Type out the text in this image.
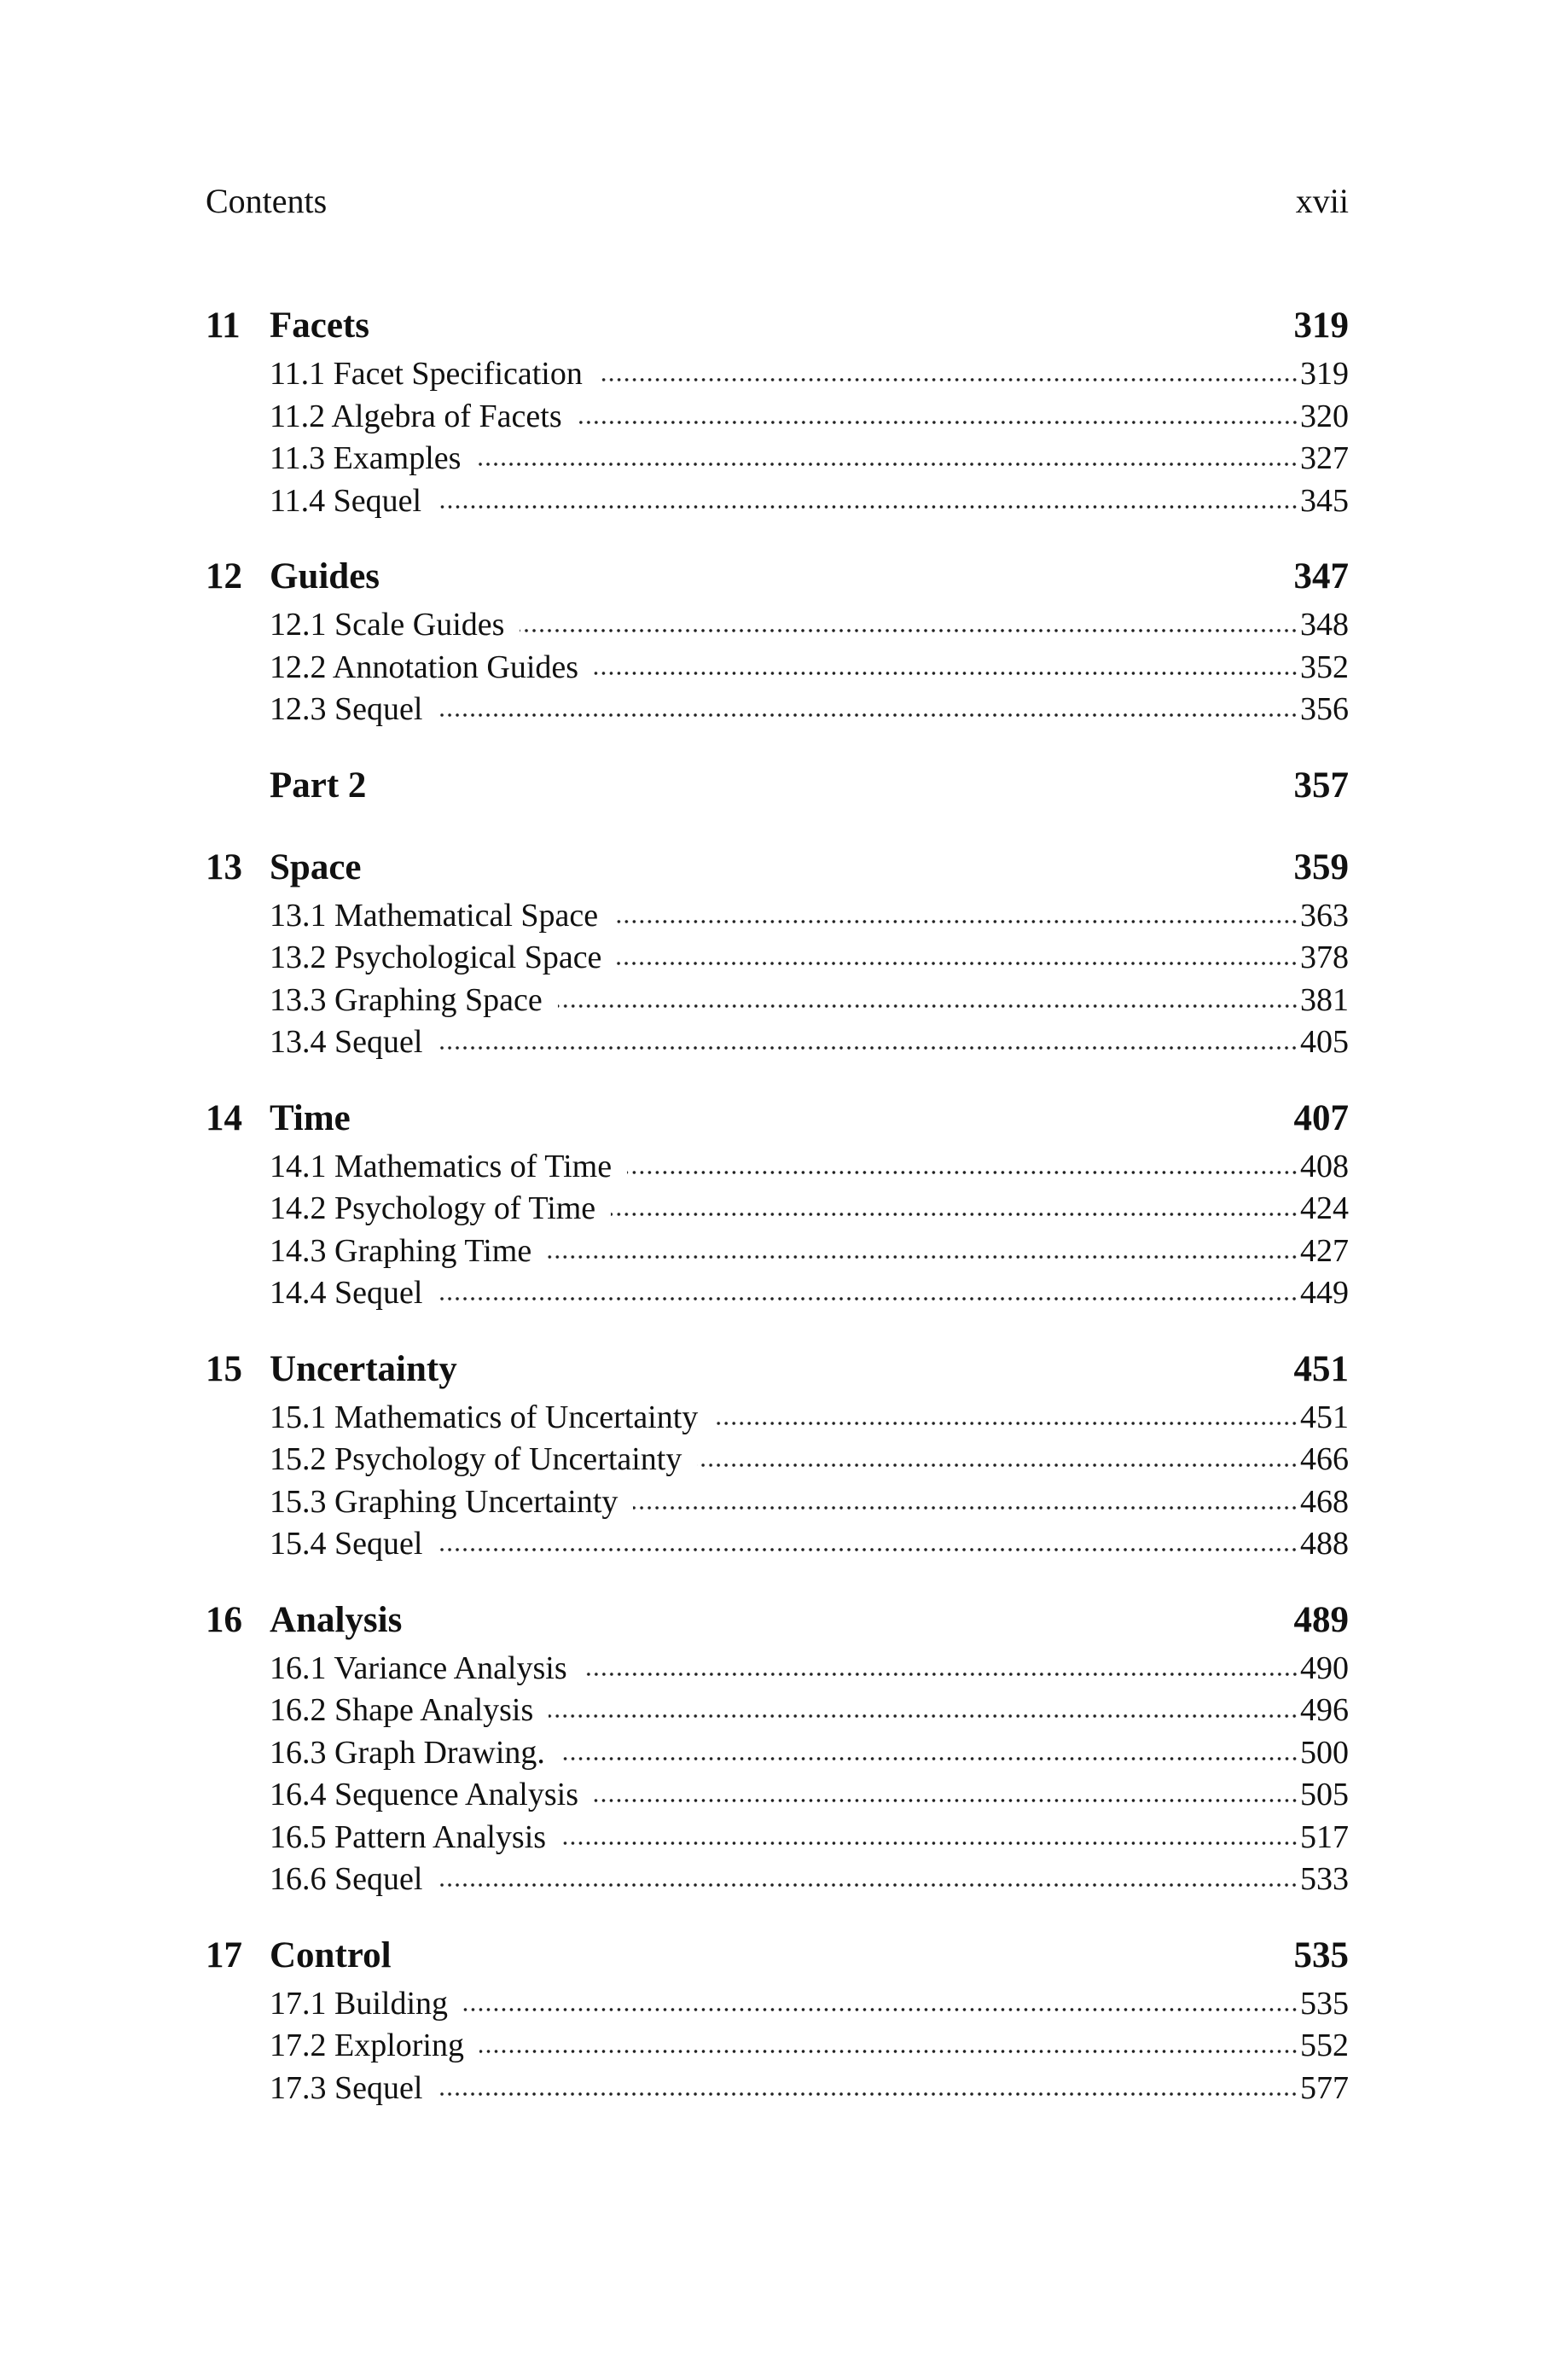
Contents	xvii
11 Facets	319
11.1 Facet Specification	319
11.2 Algebra of Facets	320
11.3 Examples	327
11.4 Sequel	345
12 Guides	347
12.1 Scale Guides	348
12.2 Annotation Guides	352
12.3 Sequel	356
Part 2	357
13 Space	359
13.1 Mathematical Space	363
13.2 Psychological Space	378
13.3 Graphing Space	381
13.4 Sequel	405
14 Time	407
14.1 Mathematics of Time	408
14.2 Psychology of Time	424
14.3 Graphing Time	427
14.4 Sequel	449
15 Uncertainty	451
15.1 Mathematics of Uncertainty	451
15.2 Psychology of Uncertainty	466
15.3 Graphing Uncertainty	468
15.4 Sequel	488
16 Analysis	489
16.1 Variance Analysis	490
16.2 Shape Analysis	496
16.3 Graph Drawing.	500
16.4 Sequence Analysis	505
16.5 Pattern Analysis	517
16.6 Sequel	533
17 Control	535
17.1 Building	535
17.2 Exploring	552
17.3 Sequel	577
